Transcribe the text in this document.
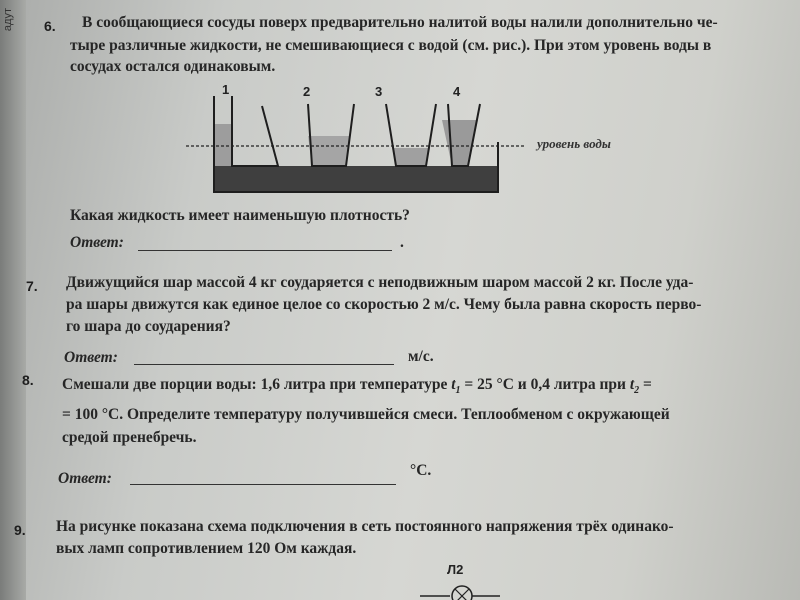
адут	6. В сообщающиеся сосуды поверх предварительно налитой воды налили дополнительно че-
тыре различные жидкости, не смешивающиеся с водой (см. рис.). При этом уровень воды в
сосудах остался одинаковым.
1	2	3	4
уровень воды
Какая жидкость имеет наименьшую плотность?
Ответ:	.
7. Движущийся шар массой 4 кг соударяется с неподвижным шаром массой 2 кг. После уда-
ра шары движутся как единое целое со скоростью 2 м/с. Чему была равна скорость перво-
го шара до соударения?
Ответ:	м/с.
8. Смешали две порции воды: 1,6 литра при температуре $t_1 = 25$ °С и 0,4 литра при $t_2$ =
= 100 °С. Определите температуру получившейся смеси. Теплообменом с окружающей
средой пренебречь.
Ответ:	°С.
9. На рисунке показана схема подключения в сеть постоянного напряжения трёх одинако-
вых ламп сопротивлением 120 Ом каждая.
Л2
